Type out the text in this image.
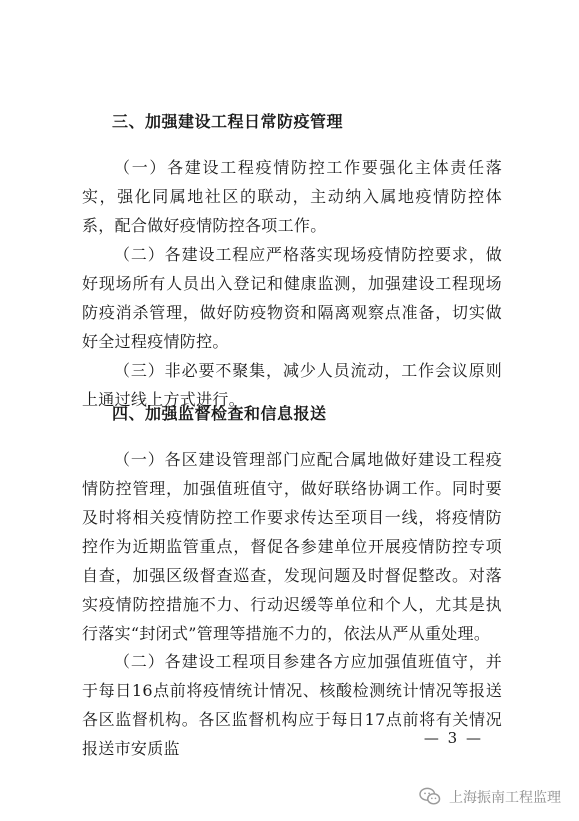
三、加强建设工程日常防疫管理

（一）各建设工程疫情防控工作要强化主体责任落实，强化同属地社区的联动，主动纳入属地疫情防控体系，配合做好疫情防控各项工作。

（二）各建设工程应严格落实现场疫情防控要求，做好现场所有人员出入登记和健康监测，加强建设工程现场防疫消杀管理，做好防疫物资和隔离观察点准备，切实做好全过程疫情防控。

（三）非必要不聚集，减少人员流动，工作会议原则上通过线上方式进行。

四、加强监督检查和信息报送

（一）各区建设管理部门应配合属地做好建设工程疫情防控管理，加强值班值守，做好联络协调工作。同时要及时将相关疫情防控工作要求传达至项目一线，将疫情防控作为近期监管重点，督促各参建单位开展疫情防控专项自查，加强区级督查巡查，发现问题及时督促整改。对落实疫情防控措施不力、行动迟缓等单位和个人，尤其是执行落实“封闭式”管理等措施不力的，依法从严从重处理。

（二）各建设工程项目参建各方应加强值班值守，并于每日16点前将疫情统计情况、核酸检测统计情况等报送各区监督机构。各区监督机构应于每日17点前将有关情况报送市安质监

— 3 —
上海振南工程监理
